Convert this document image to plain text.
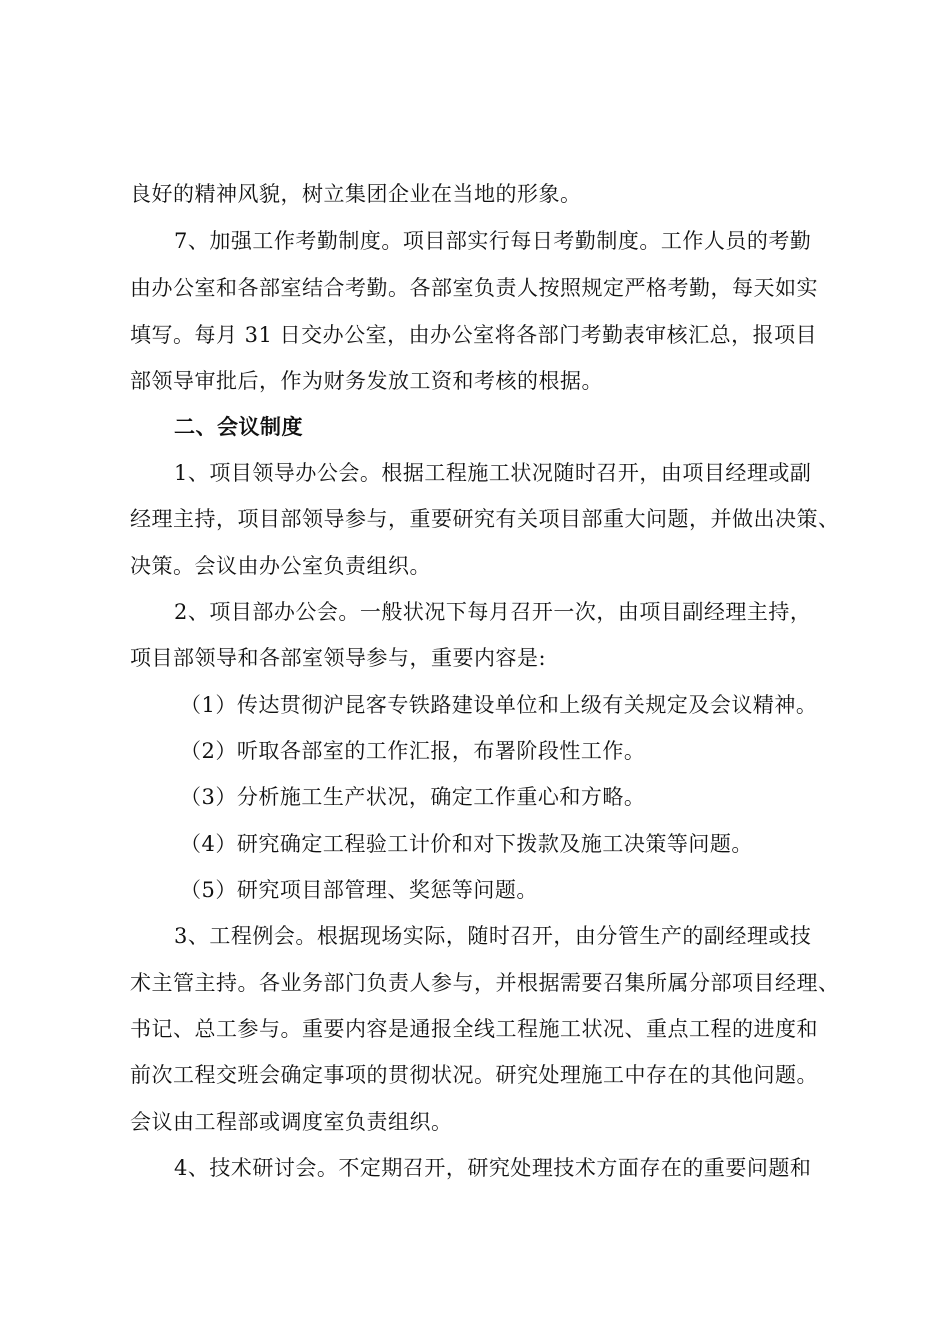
良好的精神风貌，树立集团企业在当地的形象。
7、加强工作考勤制度。项目部实行每日考勤制度。工作人员的考勤
由办公室和各部室结合考勤。各部室负责人按照规定严格考勤，每天如实
填写。每月 31 日交办公室，由办公室将各部门考勤表审核汇总，报项目
部领导审批后，作为财务发放工资和考核的根据。
二、会议制度
1、项目领导办公会。根据工程施工状况随时召开，由项目经理或副
经理主持，项目部领导参与，重要研究有关项目部重大问题，并做出决策、
决策。会议由办公室负责组织。
2、项目部办公会。一般状况下每月召开一次，由项目副经理主持，
项目部领导和各部室领导参与，重要内容是:
（1）传达贯彻沪昆客专铁路建设单位和上级有关规定及会议精神。
（2）听取各部室的工作汇报，布署阶段性工作。
（3）分析施工生产状况，确定工作重心和方略。
（4）研究确定工程验工计价和对下拨款及施工决策等问题。
（5）研究项目部管理、奖惩等问题。
3、工程例会。根据现场实际，随时召开，由分管生产的副经理或技
术主管主持。各业务部门负责人参与，并根据需要召集所属分部项目经理、
书记、总工参与。重要内容是通报全线工程施工状况、重点工程的进度和
前次工程交班会确定事项的贯彻状况。研究处理施工中存在的其他问题。
会议由工程部或调度室负责组织。
4、技术研讨会。不定期召开，研究处理技术方面存在的重要问题和
